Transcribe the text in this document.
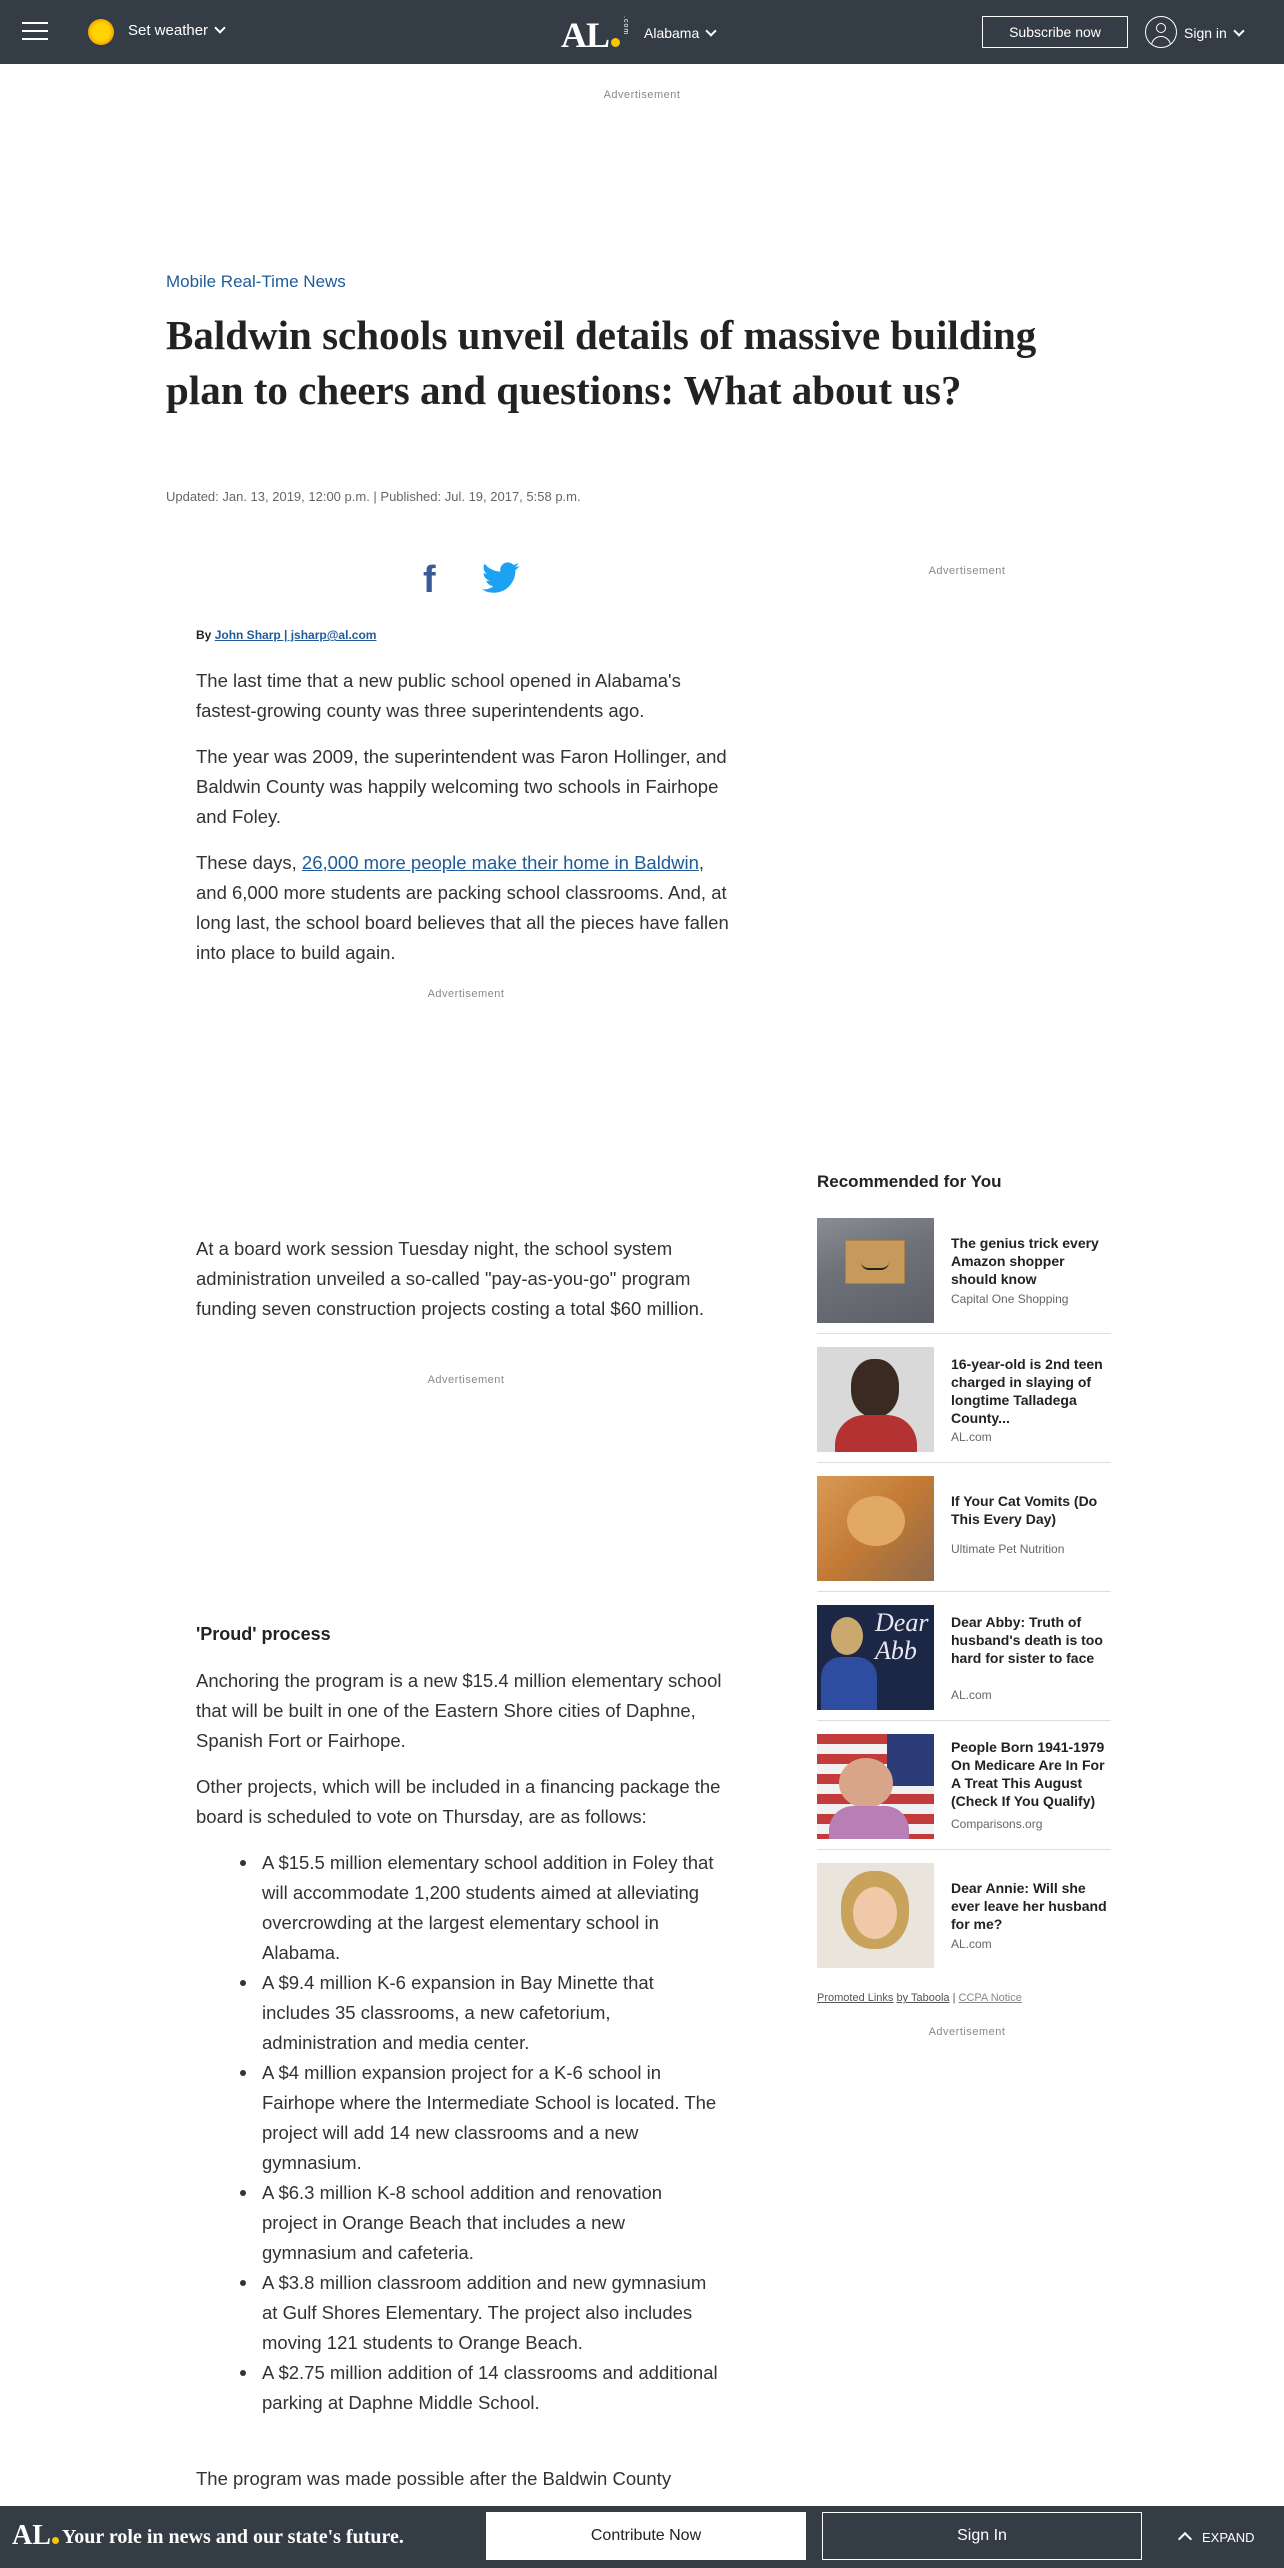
Set weather	AL	.com Alabama	Subscribe now	Sign in
Advertisement
Mobile Real-Time News
Baldwin schools unveil details of massive building plan to cheers and questions: What about us?
Updated: Jan. 13, 2019, 12:00 p.m. | Published: Jul. 19, 2017, 5:58 p.m.
f
By John Sharp | jsharp@al.com
Advertisement

The last time that a new public school opened in Alabama's fastest-growing county was three superintendents ago.

The year was 2009, the superintendent was Faron Hollinger, and Baldwin County was happily welcoming two schools in Fairhope and Foley.

These days, 26,000 more people make their home in Baldwin, and 6,000 more students are packing school classrooms. And, at long last, the school board believes that all the pieces have fallen into place to build again.

Advertisement

At a board work session Tuesday night, the school system administration unveiled a so-called "pay-as-you-go" program funding seven construction projects costing a total $60 million.

Advertisement
'Proud' process

Anchoring the program is a new $15.4 million elementary school that will be built in one of the Eastern Shore cities of Daphne, Spanish Fort or Fairhope.

Other projects, which will be included in a financing package the board is scheduled to vote on Thursday, are as follows:

A $15.5 million elementary school addition in Foley that will accommodate 1,200 students aimed at alleviating overcrowding at the largest elementary school in Alabama.
A $9.4 million K-6 expansion in Bay Minette that includes 35 classrooms, a new cafetorium, administration and media center.
A $4 million expansion project for a K-6 school in Fairhope where the Intermediate School is located. The project will add 14 new classrooms and a new gymnasium.
A $6.3 million K-8 school addition and renovation project in Orange Beach that includes a new gymnasium and cafeteria.
A $3.8 million classroom addition and new gymnasium at Gulf Shores Elementary. The project also includes moving 121 students to Orange Beach.
A $2.75 million addition of 14 classrooms and additional parking at Daphne Middle School.

The program was made possible after the Baldwin County

Recommended for You
The genius trick every Amazon shopper should know
Capital One Shopping
16-year-old is 2nd teen charged in slaying of longtime Talladega County...
AL.com
If Your Cat Vomits (Do This Every Day)
Ultimate Pet Nutrition
Dear Abb
Dear Abby: Truth of husband's death is too hard for sister to face
AL.com
People Born 1941-1979 On Medicare Are In For A Treat This August (Check If You Qualify)
Comparisons.org
Dear Annie: Will she ever leave her husband for me?
AL.com
Promoted Links by Taboola | CCPA Notice
Advertisement
AL Your role in news and our state's future.	Contribute Now	Sign In	EXPAND
